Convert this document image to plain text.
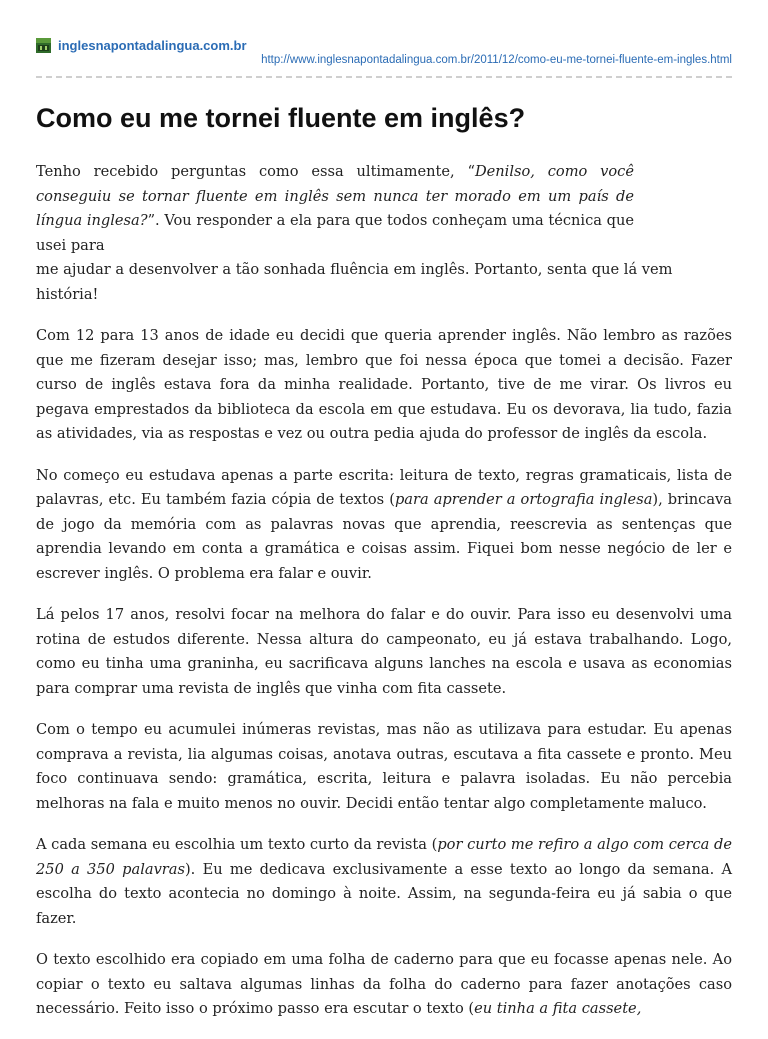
inglesnapontadalingua.com.br
http://www.inglesnapontadalingua.com.br/2011/12/como-eu-me-tornei-fluente-em-ingles.html
Como eu me tornei fluente em inglês?

Tenho recebido perguntas como essa ultimamente, “Denilso, como você conseguiu se tornar fluente em inglês sem nunca ter morado em um país de língua inglesa?”. Vou responder a ela para que todos conheçam uma técnica que usei para
me ajudar a desenvolver a tão sonhada fluência em inglês. Portanto, senta que lá vem história!

Com 12 para 13 anos de idade eu decidi que queria aprender inglês. Não lembro as razões que me fizeram desejar isso; mas, lembro que foi nessa época que tomei a decisão. Fazer curso de inglês estava fora da minha realidade. Portanto, tive de me virar. Os livros eu pegava emprestados da biblioteca da escola em que estudava. Eu os devorava, lia tudo, fazia as atividades, via as respostas e vez ou outra pedia ajuda do professor de inglês da escola.

No começo eu estudava apenas a parte escrita: leitura de texto, regras gramaticais, lista de palavras, etc. Eu também fazia cópia de textos (para aprender a ortografia inglesa), brincava de jogo da memória com as palavras novas que aprendia, reescrevia as sentenças que aprendia levando em conta a gramática e coisas assim. Fiquei bom nesse negócio de ler e escrever inglês. O problema era falar e ouvir.

Lá pelos 17 anos, resolvi focar na melhora do falar e do ouvir. Para isso eu desenvolvi uma rotina de estudos diferente. Nessa altura do campeonato, eu já estava trabalhando. Logo, como eu tinha uma graninha, eu sacrificava alguns lanches na escola e usava as economias para comprar uma revista de inglês que vinha com fita cassete.

Com o tempo eu acumulei inúmeras revistas, mas não as utilizava para estudar. Eu apenas comprava a revista, lia algumas coisas, anotava outras, escutava a fita cassete e pronto. Meu foco continuava sendo: gramática, escrita, leitura e palavra isoladas. Eu não percebia melhoras na fala e muito menos no ouvir. Decidi então tentar algo completamente maluco.

A cada semana eu escolhia um texto curto da revista (por curto me refiro a algo com cerca de 250 a 350 palavras). Eu me dedicava exclusivamente a esse texto ao longo da semana. A escolha do texto acontecia no domingo à noite. Assim, na segunda-feira eu já sabia o que fazer.

O texto escolhido era copiado em uma folha de caderno para que eu focasse apenas nele. Ao copiar o texto eu saltava algumas linhas da folha do caderno para fazer anotações caso necessário. Feito isso o próximo passo era escutar o texto (eu tinha a fita cassete,
